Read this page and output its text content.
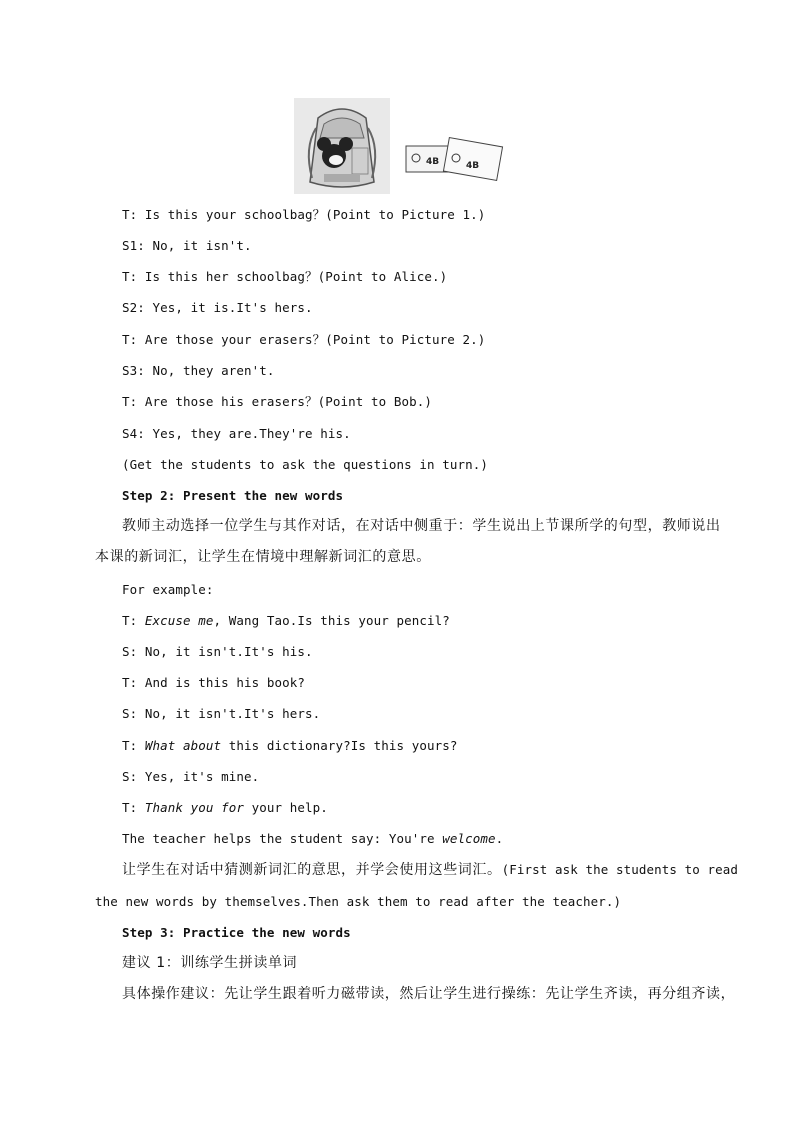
4B	4B
T: Is this your schoolbag？(Point to Picture 1.)
S1: No, it isn't.
T: Is this her schoolbag？(Point to Alice.)
S2: Yes, it is.It's hers.
T: Are those your erasers？(Point to Picture 2.)
S3: No, they aren't.
T: Are those his erasers？(Point to Bob.)
S4: Yes, they are.They're his.
(Get the students to ask the questions in turn.)
Step 2: Present the new words
教师主动选择一位学生与其作对话，在对话中侧重于：学生说出上节课所学的句型，教师说出
本课的新词汇，让学生在情境中理解新词汇的意思。
For example:
T: Excuse me, Wang Tao.Is this your pencil?
S: No, it isn't.It's his.
T: And is this his book?
S: No, it isn't.It's hers.
T: What about this dictionary?Is this yours?
S: Yes, it's mine.
T: Thank you for your help.
The teacher helps the student say: You're welcome.
让学生在对话中猜测新词汇的意思，并学会使用这些词汇。(First ask the students to read
the new words by themselves.Then ask them to read after the teacher.)
Step 3: Practice the new words
建议 1：训练学生拼读单词
具体操作建议：先让学生跟着听力磁带读，然后让学生进行操练：先让学生齐读，再分组齐读，
